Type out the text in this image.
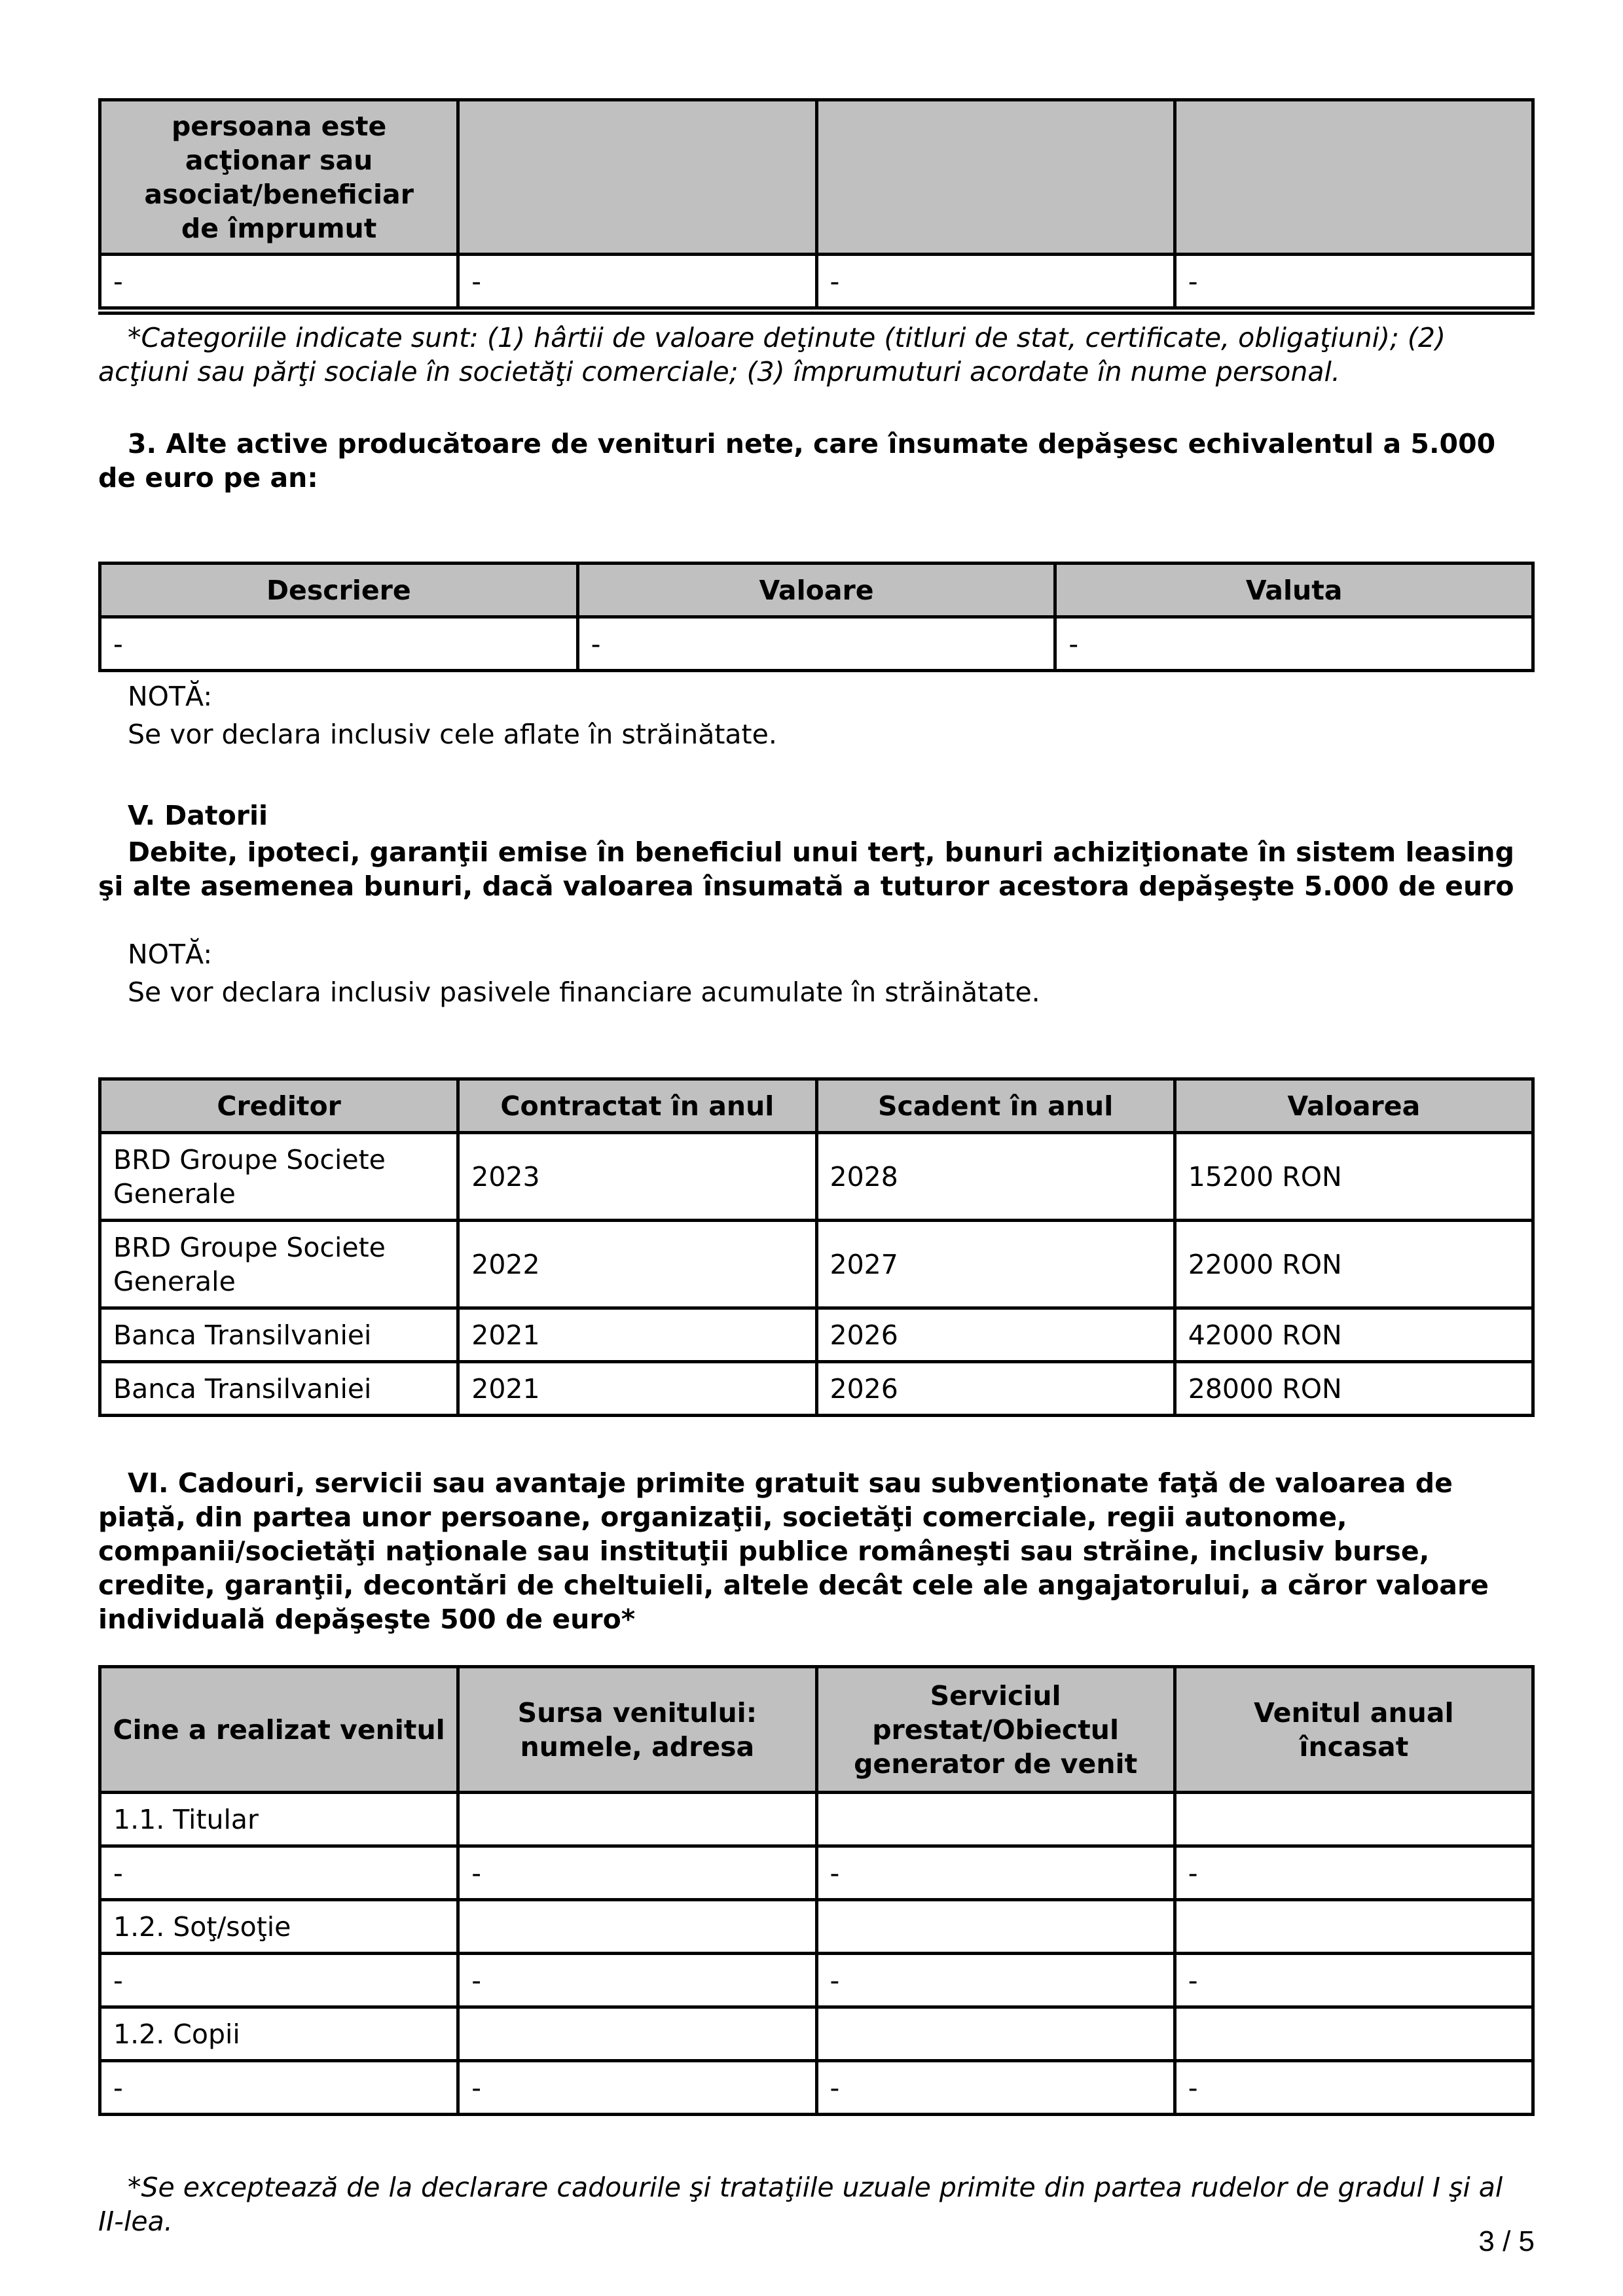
persoana este acţionar sau asociat/beneficiar de împrumut			
-	-	-	-

*Categoriile indicate sunt: (1) hârtii de valoare deţinute (titluri de stat, certificate, obligaţiuni); (2) acţiuni sau părţi sociale în societăţi comerciale; (3) împrumuturi acordate în nume personal.

3. Alte active producătoare de venituri nete, care însumate depăşesc echivalentul a 5.000 de euro pe an:

Descriere	Valoare	Valuta
-	-	-

NOTĂ:

Se vor declara inclusiv cele aflate în străinătate.

V. Datorii

Debite, ipoteci, garanţii emise în beneficiul unui terţ, bunuri achiziţionate în sistem leasing şi alte asemenea bunuri, dacă valoarea însumată a tuturor acestora depăşeşte 5.000 de euro

NOTĂ:

Se vor declara inclusiv pasivele financiare acumulate în străinătate.

Creditor	Contractat în anul	Scadent în anul	Valoarea
BRD Groupe Societe Generale	2023	2028	15200 RON
BRD Groupe Societe Generale	2022	2027	22000 RON
Banca Transilvaniei	2021	2026	42000 RON
Banca Transilvaniei	2021	2026	28000 RON

VI. Cadouri, servicii sau avantaje primite gratuit sau subvenţionate faţă de valoarea de piaţă, din partea unor persoane, organizaţii, societăţi comerciale, regii autonome, companii/societăţi naţionale sau instituţii publice româneşti sau străine, inclusiv burse, credite, garanţii, decontări de cheltuieli, altele decât cele ale angajatorului, a căror valoare individuală depăşeşte 500 de euro*

Cine a realizat venitul	Sursa venitului: numele, adresa	Serviciul prestat/Obiectul generator de venit	Venitul anual încasat
1.1. Titular			
-	-	-	-
1.2. Soţ/soţie			
-	-	-	-
1.2. Copii			
-	-	-	-

*Se exceptează de la declarare cadourile şi trataţiile uzuale primite din partea rudelor de gradul I şi al II-lea.

3 / 5
